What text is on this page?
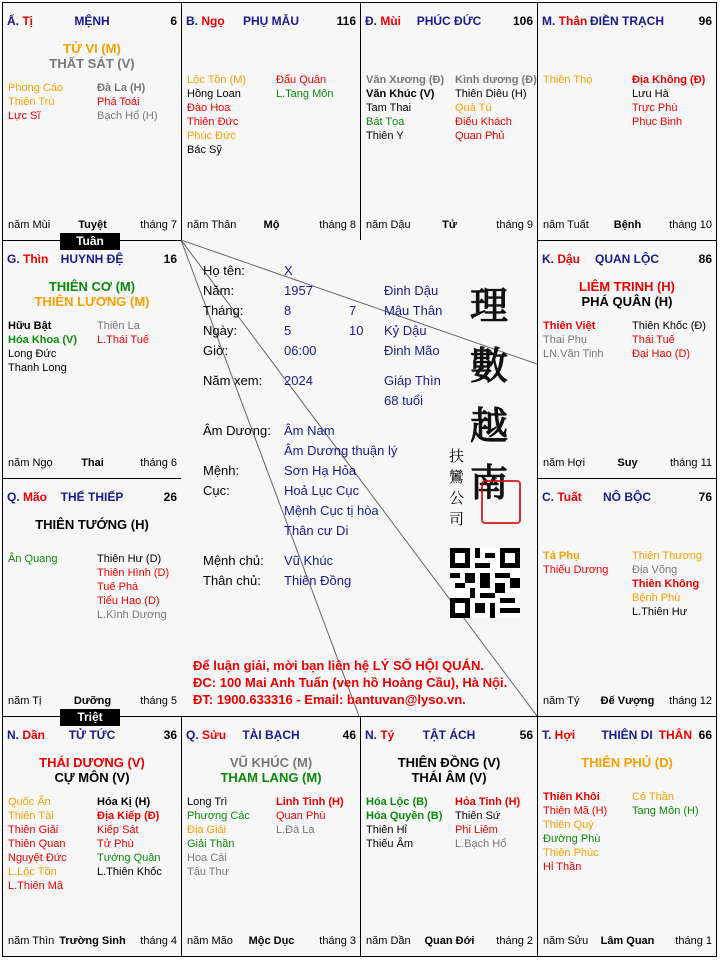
Ấ. Tị	MỆNH	6
TỬ VI (M)
THẤT SÁT (V)
Phong Cáo
Thiên Trù
Lực Sĩ
Đà La (H)
Phá Toái
Bạch Hổ (H)
năm Mùi	Tuyệt	tháng 7
B. Ngọ	PHỤ MẪU	116
Lộc Tồn (M)
Hồng Loan
Đào Hoa
Thiên Đức
Phúc Đức
Bác Sỹ
Đẩu Quân
L.Tang Môn
năm Thân	Mộ	tháng 8
Đ. Mùi	PHÚC ĐỨC	106
Văn Xương (Đ)
Văn Khúc (V)
Tam Thai
Bát Tọa
Thiên Y
Kình dương (Đ)
Thiên Diêu (H)
Quả Tú
Điếu Khách
Quan Phủ
năm Dậu	Tử	tháng 9
M. Thân ĐIỀN TRẠCH	96
Thiên Thọ	Địa Không (Đ)
Lưu Hà
Trực Phù
Phục Binh
năm Tuất	Bệnh	tháng 10
G. Thìn	HUYNH ĐỆ	16
THIÊN CƠ (M)
THIÊN LƯƠNG (M)
Hữu Bật
Hóa Khoa (V)
Long Đức
Thanh Long
Thiên La
L.Thái Tuế
năm Ngọ	Thai	tháng 6
K. Dậu	QUAN LỘC	86
LIÊM TRINH (H)
PHÁ QUÂN (H)
Thiên Việt
Thai Phụ
LN.Văn Tinh
Thiên Khốc (Đ)
Thái Tuế
Đại Hao (D)
năm Hợi	Suy	tháng 11
Q. Mão	THẾ THIẾP	26
THIÊN TƯỚNG (H)
Ân Quang	Thiên Hư (D)
Thiên Hình (D)
Tuế Phá
Tiểu Hao (D)
L.Kình Dương
năm Tị	Dưỡng	tháng 5
C. Tuất	NÔ BỘC	76
Tả Phụ
Thiếu Dương
Thiên Thương
Địa Võng
Thiên Không
Bệnh Phù
L.Thiên Hư
năm Tý	Đế Vượng	tháng 12
N. Dần	TỬ TỨC	36
THÁI DƯƠNG (V)
CỰ MÔN (V)
Quốc Ấn
Thiên Tài
Thiên Giải
Thiên Quan
Nguyệt Đức
L.Lộc Tồn
L.Thiên Mã
Hóa Kị (H)
Địa Kiếp (Đ)
Kiếp Sát
Tử Phù
Tướng Quân
L.Thiên Khốc
năm Thìn Trường Sinh	tháng 4
Q. Sửu	TÀI BẠCH	46
VŨ KHÚC (M)
THAM LANG (M)
Long Trì
Phượng Các
Địa Giải
Giải Thần
Hoa Cái
Tấu Thư
Linh Tinh (H)
Quan Phù
L.Đà La
năm Mão	Mộc Dục	tháng 3
N. Tý	TẬT ÁCH	56
THIÊN ĐỒNG (V)
THÁI ÂM (V)
Hóa Lộc (B)
Hóa Quyền (B)
Thiên Hỉ
Thiếu Âm
Hỏa Tinh (H)
Thiên Sứ
Phi Liêm
L.Bạch Hổ
năm Dần	Quan Đới	tháng 2
T. Hợi	THIÊN DI THÂN 66
THIÊN PHỦ (D)
Thiên Khôi
Thiên Mã (H)
Thiên Quý
Đường Phù
Thiên Phúc
Hỉ Thần
Cô Thần
Tang Môn (H)
năm Sửu	Lâm Quan	tháng 1
Họ tên:	X
Năm:	1957	Đinh Dậu
Tháng:	8	7 Mậu Thân
Ngày:	5	10 Kỷ Dậu
Giờ:	06:00	Đinh Mão
Năm xem: 2024	Giáp Thìn
68 tuổi
Âm Dương: Âm Nam
Âm Dương thuận lý
Mệnh:	Sơn Hạ Hỏa
Cục:	Hoả Lục Cục
Mệnh Cục tị hòa
Thân cư Di
Mệnh chủ: Vũ Khúc
Thân chủ: Thiên Đồng
理
數
越
南
扶
鸞
公
司
Để luận giải, mời bạn liên hệ LÝ SỐ HỘI QUÁN.
ĐC: 100 Mai Anh Tuấn (ven hồ Hoàng Cầu), Hà Nội.
ĐT: 1900.633316 - Email: bantuvan@lyso.vn.
Tuần
Triệt
